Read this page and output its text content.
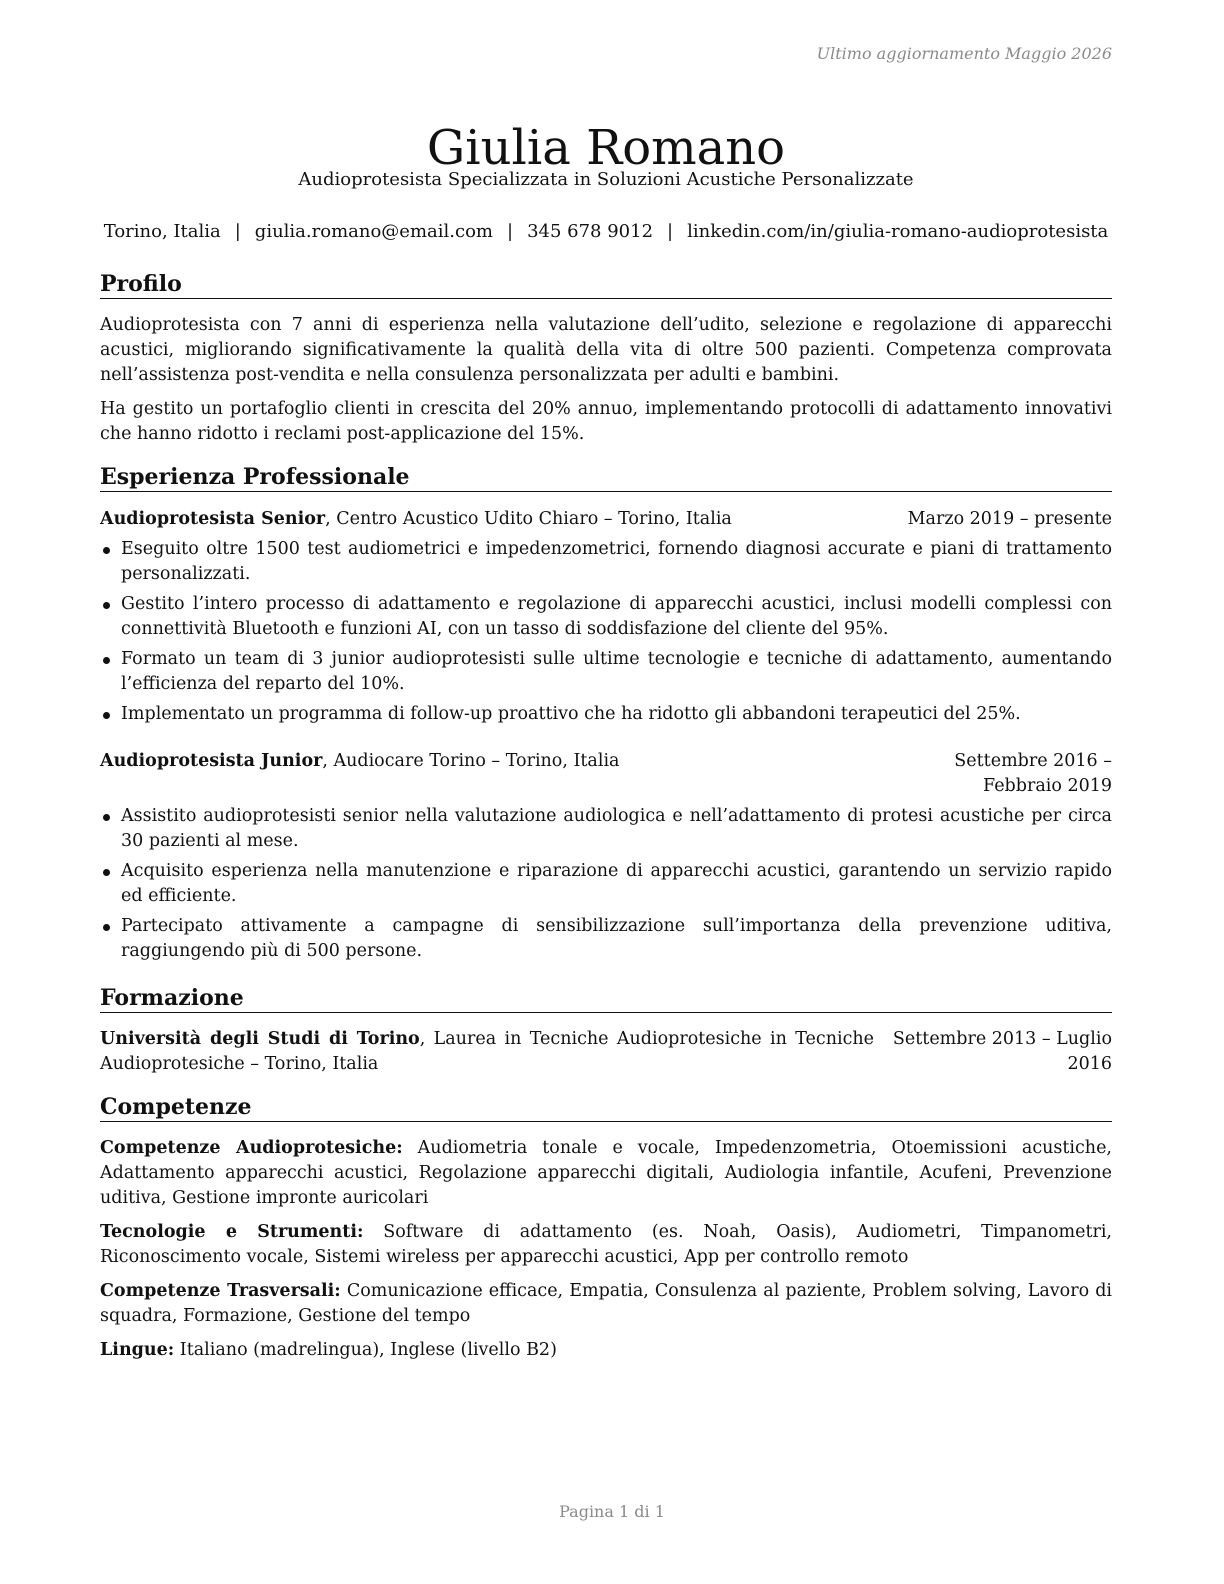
Ultimo aggiornamento Maggio 2026
Giulia Romano
Audioprotesista Specializzata in Soluzioni Acustiche Personalizzate
Torino, Italia | giulia.romano@email.com | 345 678 9012 | linkedin.com/in/giulia-romano-audioprotesista
Profilo

Audioprotesista con 7 anni di esperienza nella valutazione dell’udito, selezione e regolazione di apparecchi acustici, migliorando significativamente la qualità della vita di oltre 500 pazienti. Competenza comprovata nell’assistenza post-vendita e nella consulenza personalizzata per adulti e bambini.

Ha gestito un portafoglio clienti in crescita del 20% annuo, implementando protocolli di adattamento innovativi che hanno ridotto i reclami post-applicazione del 15%.

Esperienza Professionale
Audioprotesista Senior, Centro Acustico Udito Chiaro – Torino, Italia	Marzo 2019 – presente
Eseguito oltre 1500 test audiometrici e impedenzometrici, fornendo diagnosi accurate e piani di trattamento personalizzati.
Gestito l’intero processo di adattamento e regolazione di apparecchi acustici, inclusi modelli complessi con connettività Bluetooth e funzioni AI, con un tasso di soddisfazione del cliente del 95%.
Formato un team di 3 junior audioprotesisti sulle ultime tecnologie e tecniche di adattamento, aumentando l’efficienza del reparto del 10%.
Implementato un programma di follow-up proattivo che ha ridotto gli abbandoni terapeutici del 25%.
Audioprotesista Junior, Audiocare Torino – Torino, Italia	Settembre 2016 – Febbraio 2019
Assistito audioprotesisti senior nella valutazione audiologica e nell’adattamento di protesi acustiche per circa 30 pazienti al mese.
Acquisito esperienza nella manutenzione e riparazione di apparecchi acustici, garantendo un servizio rapido ed efficiente.
Partecipato attivamente a campagne di sensibilizzazione sull’importanza della prevenzione uditiva, raggiungendo più di 500 persone.
Formazione
Università degli Studi di Torino, Laurea in Tecniche Audioprotesiche in Tecniche Audioprotesiche – Torino, Italia
Settembre 2013 – Luglio 2016
Competenze

Competenze Audioprotesiche: Audiometria tonale e vocale, Impedenzometria, Otoemissioni acustiche, Adattamento apparecchi acustici, Regolazione apparecchi digitali, Audiologia infantile, Acufeni, Prevenzione uditiva, Gestione impronte auricolari

Tecnologie e Strumenti: Software di adattamento (es. Noah, Oasis), Audiometri, Timpanometri, Riconoscimento vocale, Sistemi wireless per apparecchi acustici, App per controllo remoto

Competenze Trasversali: Comunicazione efficace, Empatia, Consulenza al paziente, Problem solving, Lavoro di squadra, Formazione, Gestione del tempo

Lingue: Italiano (madrelingua), Inglese (livello B2)

Pagina 1 di 1
